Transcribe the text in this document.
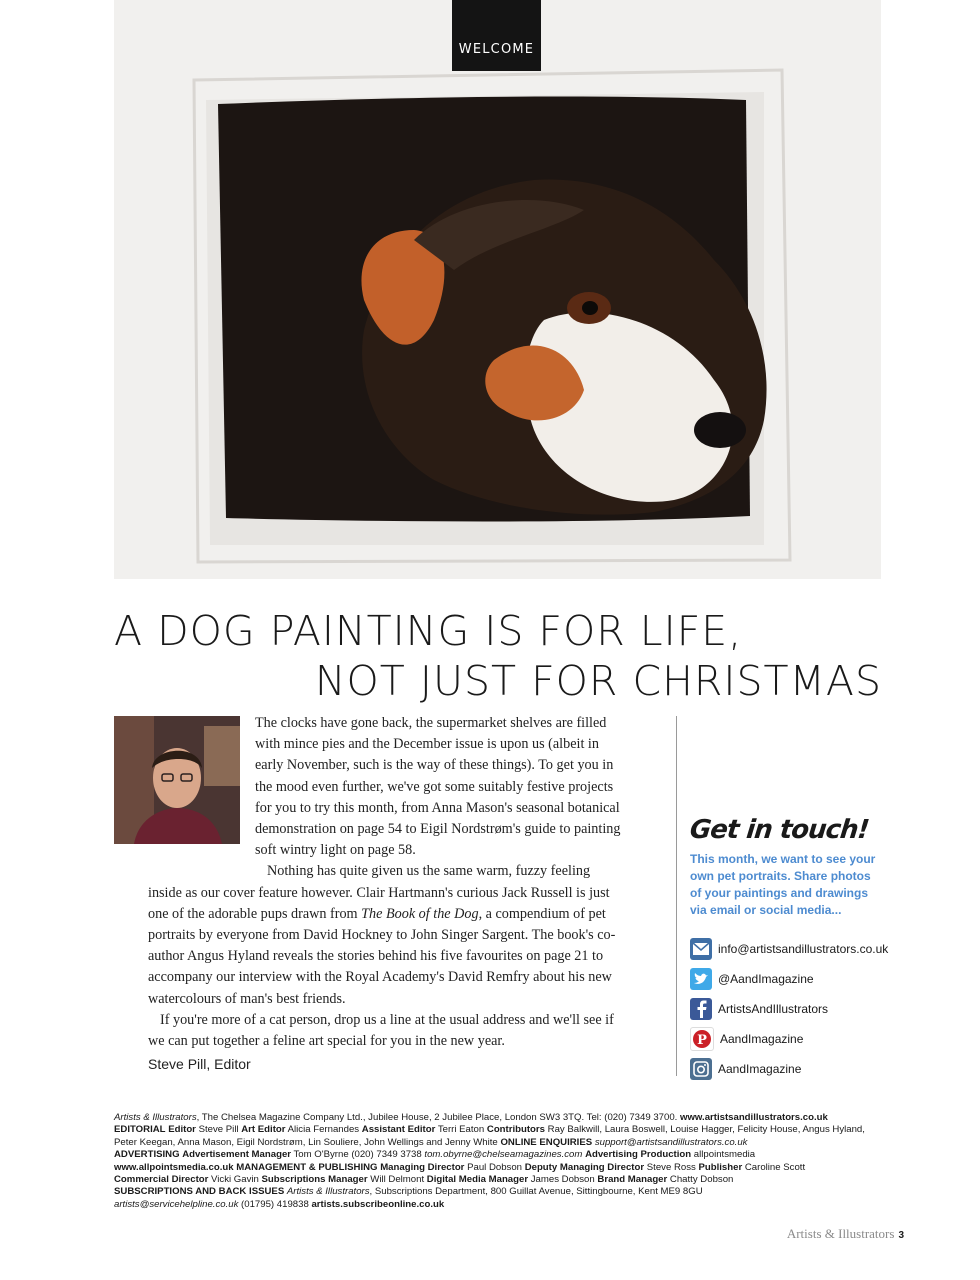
WELCOME
A DOG PAINTING IS FOR LIFE,
NOT JUST FOR CHRISTMAS

The clocks have gone back, the supermarket shelves are filled with mince pies and the December issue is upon us (albeit in early November, such is the way of these things). To get you in the mood even further, we've got some suitably festive projects for you to try this month, from Anna Mason's seasonal botanical demonstration on page 54 to Eigil Nordstrøm's guide to painting soft wintry light on page 58.

Nothing has quite given us the same warm, fuzzy feeling inside as our cover feature however. Clair Hartmann's curious Jack Russell is just one of the adorable pups drawn from The Book of the Dog, a compendium of pet portraits by everyone from David Hockney to John Singer Sargent. The book's co-author Angus Hyland reveals the stories behind his five favourites on page 21 to accompany our interview with the Royal Academy's David Remfry about his new watercolours of man's best friends.

If you're more of a cat person, drop us a line at the usual address and we'll see if we can put together a feline art special for you in the new year.

Steve Pill, Editor
Get in touch!
This month, we want to see your own pet portraits. Share photos of your paintings and drawings via email or social media...
info@artistsandillustrators.co.uk
@AandImagazine
ArtistsAndIllustrators
P AandImagazine
AandImagazine
Artists & Illustrators, The Chelsea Magazine Company Ltd., Jubilee House, 2 Jubilee Place, London SW3 3TQ. Tel: (020) 7349 3700. www.artistsandillustrators.co.uk
EDITORIAL Editor Steve Pill Art Editor Alicia Fernandes Assistant Editor Terri Eaton Contributors Ray Balkwill, Laura Boswell, Louise Hagger, Felicity House, Angus Hyland, Peter Keegan, Anna Mason, Eigil Nordstrøm, Lin Souliere, John Wellings and Jenny White ONLINE ENQUIRIES support@artistsandillustrators.co.uk
ADVERTISING Advertisement Manager Tom O'Byrne (020) 7349 3738 tom.obyrne@chelseamagazines.com Advertising Production allpointsmedia
www.allpointsmedia.co.uk MANAGEMENT & PUBLISHING Managing Director Paul Dobson Deputy Managing Director Steve Ross Publisher Caroline Scott
Commercial Director Vicki Gavin Subscriptions Manager Will Delmont Digital Media Manager James Dobson Brand Manager Chatty Dobson
SUBSCRIPTIONS AND BACK ISSUES Artists & Illustrators, Subscriptions Department, 800 Guillat Avenue, Sittingbourne, Kent ME9 8GU
artists@servicehelpline.co.uk (01795) 419838 artists.subscribeonline.co.uk
Artists & Illustrators 3
